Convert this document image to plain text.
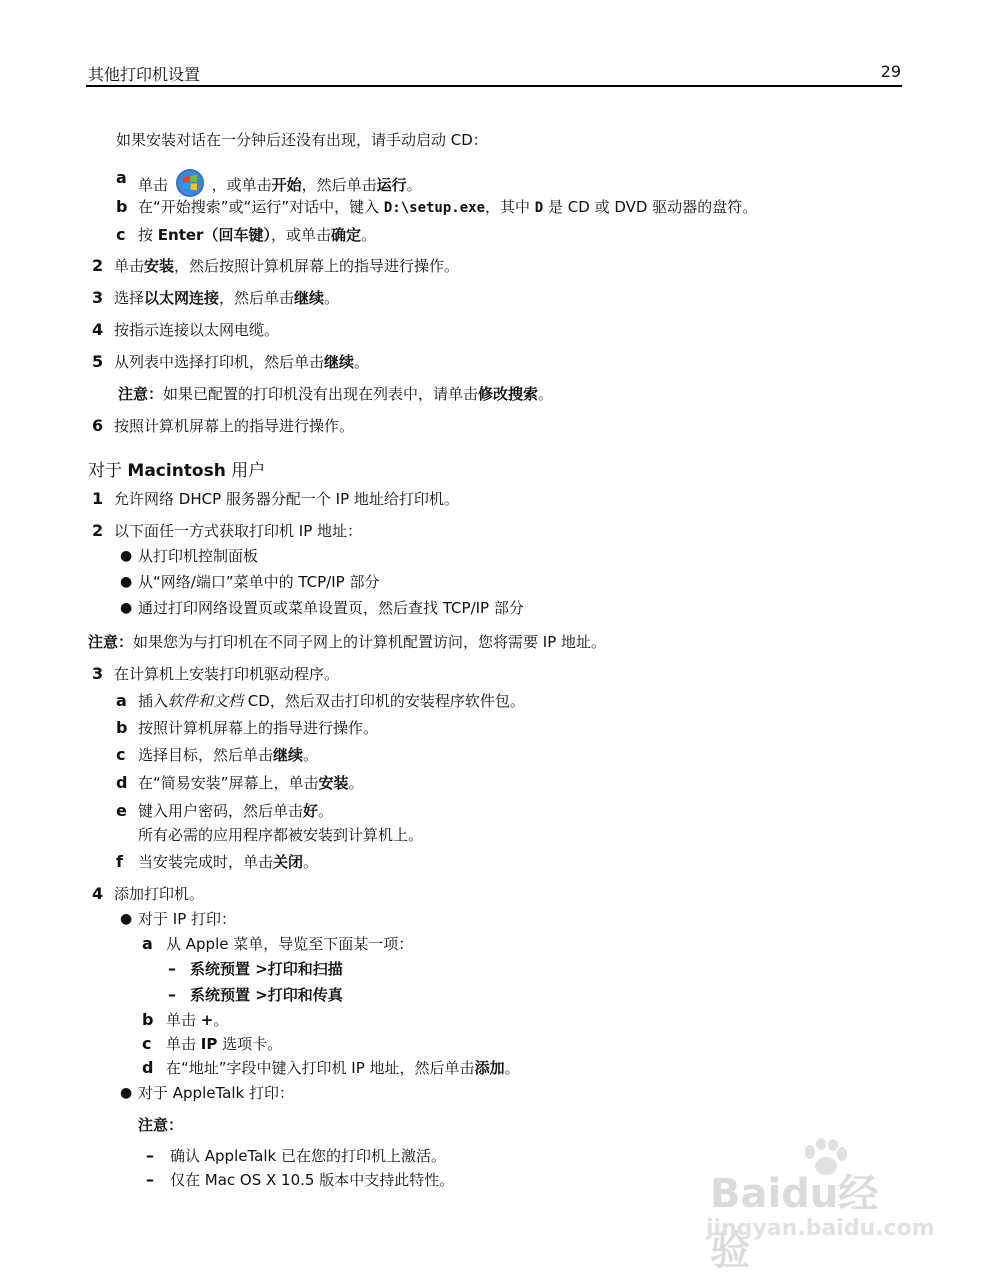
其他打印机设置	29
如果安装对话在一分钟后还没有出现，请手动启动 CD：
a 单击	，或单击开始，然后单击运行。
b 在“开始搜索”或“运行”对话中，键入 D:\setup.exe，其中 D 是 CD 或 DVD 驱动器的盘符。
c 按 Enter（回车键），或单击确定。
2 单击安装，然后按照计算机屏幕上的指导进行操作。
3 选择以太网连接，然后单击继续。
4 按指示连接以太网电缆。
5 从列表中选择打印机，然后单击继续。
注意：如果已配置的打印机没有出现在列表中，请单击修改搜索。
6 按照计算机屏幕上的指导进行操作。
对于 Macintosh 用户
1 允许网络 DHCP 服务器分配一个 IP 地址给打印机。
2 以下面任一方式获取打印机 IP 地址：
● 从打印机控制面板
● 从“网络/端口”菜单中的 TCP/IP 部分
● 通过打印网络设置页或菜单设置页，然后查找 TCP/IP 部分
注意：如果您为与打印机在不同子网上的计算机配置访问，您将需要 IP 地址。
3 在计算机上安装打印机驱动程序。
a 插入软件和文档 CD，然后双击打印机的安装程序软件包。
b 按照计算机屏幕上的指导进行操作。
c 选择目标，然后单击继续。
d 在“简易安装”屏幕上，单击安装。
e 键入用户密码，然后单击好。
所有必需的应用程序都被安装到计算机上。
f 当安装完成时，单击关闭。
4 添加打印机。
● 对于 IP 打印：
a 从 Apple 菜单，导览至下面某一项：
– 系统预置 >打印和扫描
– 系统预置 >打印和传真
b 单击 +。
c 单击 IP 选项卡。
d 在“地址”字段中键入打印机 IP 地址，然后单击添加。
● 对于 AppleTalk 打印：
注意：
– 确认 AppleTalk 已在您的打印机上激活。
– 仅在 Mac OS X 10.5 版本中支持此特性。	Baidu经验
jingyan.baidu.com
